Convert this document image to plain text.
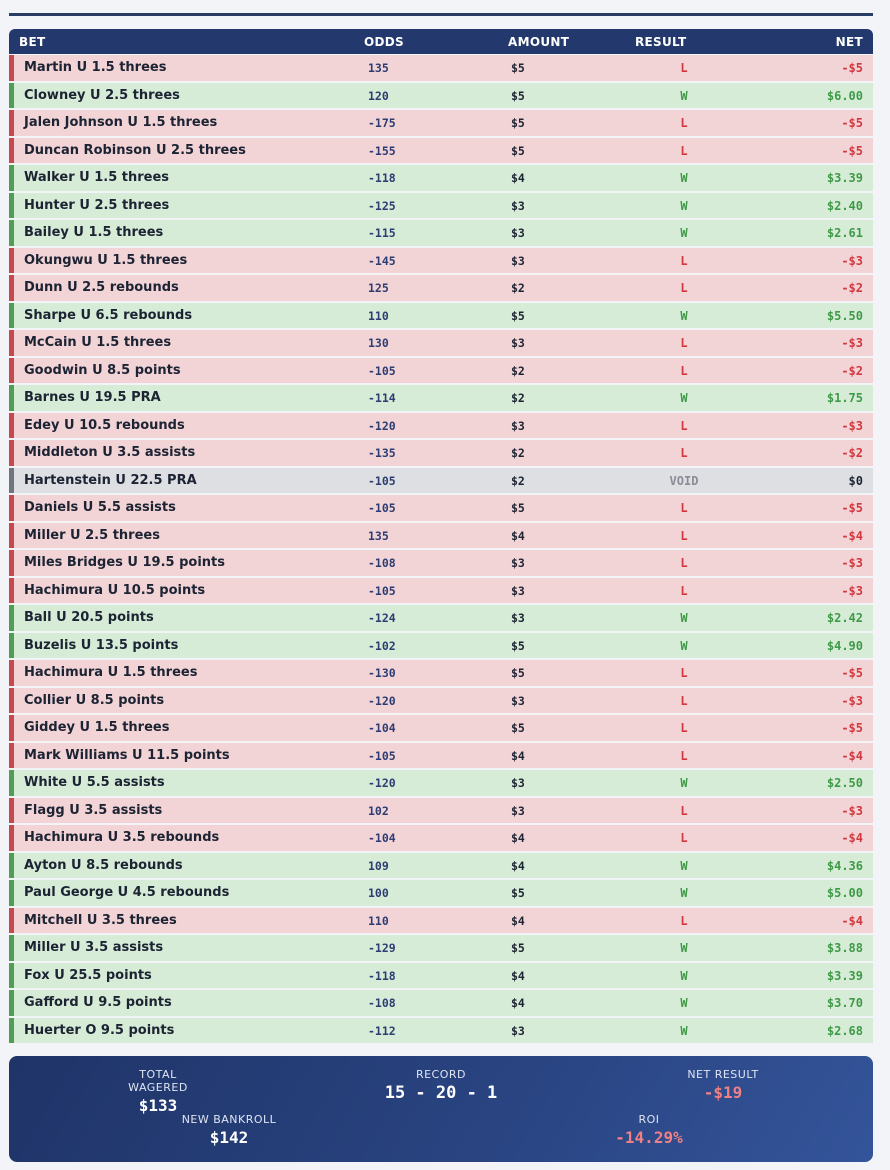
BET	ODDS	AMOUNT	RESULT	NET
Martin U 1.5 threes	135	$5	L	-$5
Clowney U 2.5 threes	120	$5	W	$6.00
Jalen Johnson U 1.5 threes	-175	$5	L	-$5
Duncan Robinson U 2.5 threes	-155	$5	L	-$5
Walker U 1.5 threes	-118	$4	W	$3.39
Hunter U 2.5 threes	-125	$3	W	$2.40
Bailey U 1.5 threes	-115	$3	W	$2.61
Okungwu U 1.5 threes	-145	$3	L	-$3
Dunn U 2.5 rebounds	125	$2	L	-$2
Sharpe U 6.5 rebounds	110	$5	W	$5.50
McCain U 1.5 threes	130	$3	L	-$3
Goodwin U 8.5 points	-105	$2	L	-$2
Barnes U 19.5 PRA	-114	$2	W	$1.75
Edey U 10.5 rebounds	-120	$3	L	-$3
Middleton U 3.5 assists	-135	$2	L	-$2
Hartenstein U 22.5 PRA	-105	$2	VOID	$0
Daniels U 5.5 assists	-105	$5	L	-$5
Miller U 2.5 threes	135	$4	L	-$4
Miles Bridges U 19.5 points	-108	$3	L	-$3
Hachimura U 10.5 points	-105	$3	L	-$3
Ball U 20.5 points	-124	$3	W	$2.42
Buzelis U 13.5 points	-102	$5	W	$4.90
Hachimura U 1.5 threes	-130	$5	L	-$5
Collier U 8.5 points	-120	$3	L	-$3
Giddey U 1.5 threes	-104	$5	L	-$5
Mark Williams U 11.5 points	-105	$4	L	-$4
White U 5.5 assists	-120	$3	W	$2.50
Flagg U 3.5 assists	102	$3	L	-$3
Hachimura U 3.5 rebounds	-104	$4	L	-$4
Ayton U 8.5 rebounds	109	$4	W	$4.36
Paul George U 4.5 rebounds	100	$5	W	$5.00
Mitchell U 3.5 threes	110	$4	L	-$4
Miller U 3.5 assists	-129	$5	W	$3.88
Fox U 25.5 points	-118	$4	W	$3.39
Gafford U 9.5 points	-108	$4	W	$3.70
Huerter O 9.5 points	-112	$3	W	$2.68
TOTAL WAGERED
$133
RECORD
15 - 20 - 1
NET RESULT
-$19
NEW BANKROLL
$142
ROI
-14.29%
